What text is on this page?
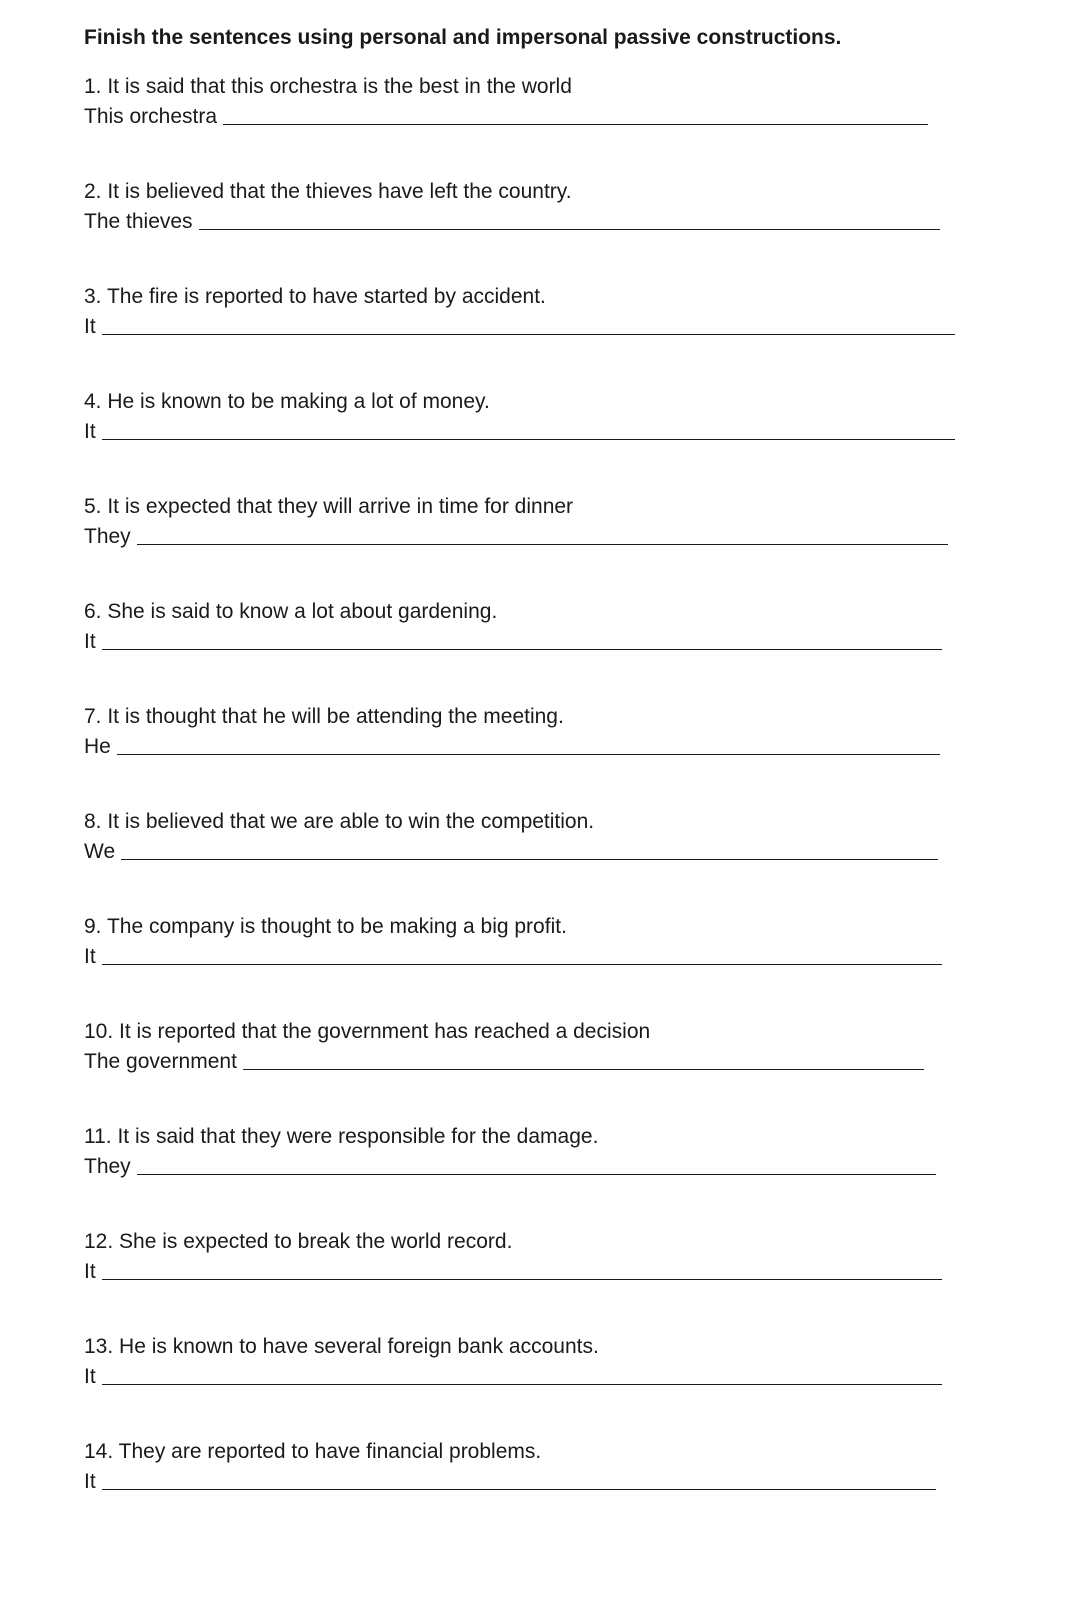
Finish the sentences using personal and impersonal passive constructions.
1. It is said that this orchestra is the best in the world
This orchestra
2. It is believed that the thieves have left the country.
The thieves
3. The fire is reported to have started by accident.
It
4. He is known to be making a lot of money.
It
5. It is expected that they will arrive in time for dinner
They
6. She is said to know a lot about gardening.
It
7. It is thought that he will be attending the meeting.
He
8. It is believed that we are able to win the competition.
We
9. The company is thought to be making a big profit.
It
10. It is reported that the government has reached a decision
The government
11. It is said that they were responsible for the damage.
They
12. She is expected to break the world record.
It
13. He is known to have several foreign bank accounts.
It
14. They are reported to have financial problems.
It
